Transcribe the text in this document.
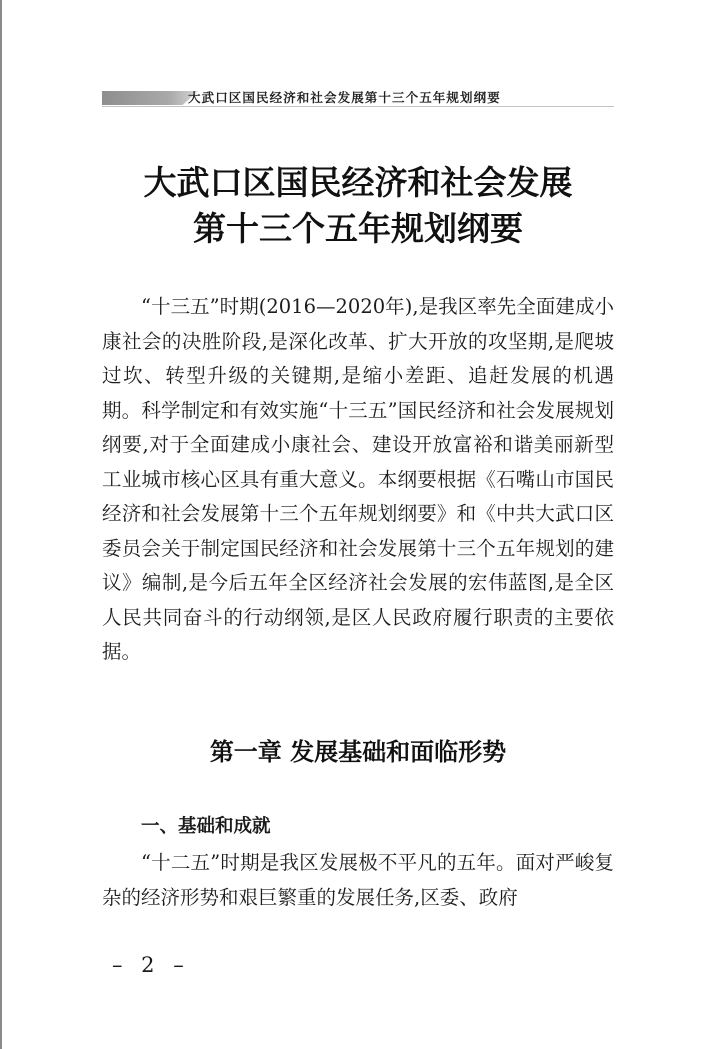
大武口区国民经济和社会发展第十三个五年规划纲要
大武口区国民经济和社会发展
第十三个五年规划纲要

“十三五”时期(2016—2020年),是我区率先全面建成小康社会的决胜阶段,是深化改革、扩大开放的攻坚期,是爬坡过坎、转型升级的关键期,是缩小差距、追赶发展的机遇期。科学制定和有效实施“十三五”国民经济和社会发展规划纲要,对于全面建成小康社会、建设开放富裕和谐美丽新型工业城市核心区具有重大意义。本纲要根据《石嘴山市国民经济和社会发展第十三个五年规划纲要》和《中共大武口区委员会关于制定国民经济和社会发展第十三个五年规划的建议》编制,是今后五年全区经济社会发展的宏伟蓝图,是全区人民共同奋斗的行动纲领,是区人民政府履行职责的主要依据。

第一章 发展基础和面临形势
一、基础和成就

“十二五”时期是我区发展极不平凡的五年。面对严峻复杂的经济形势和艰巨繁重的发展任务,区委、政府

– 2 –
